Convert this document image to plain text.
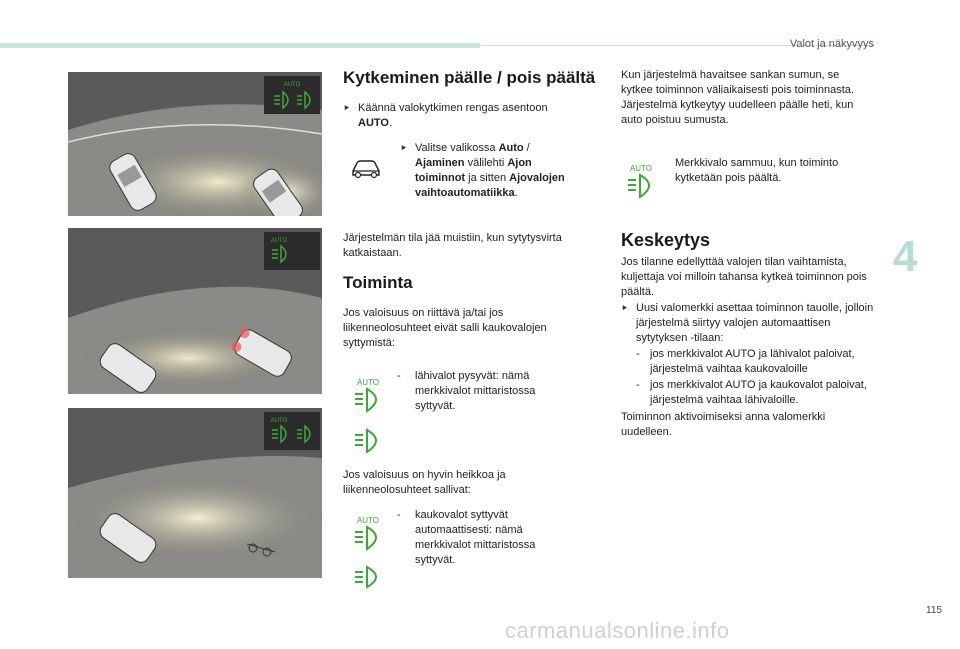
Valot ja näkyvyys
4
AUTO
AUTO
AUTO
Kytkeminen päälle / pois päältä
⯈ Käännä valokytkimen rengas asentoon
AUTO.
⯈ Valitse valikossa Auto /
Ajaminen välilehti Ajon
toiminnot ja sitten Ajovalojen
vaihtoautomatiikka.
Järjestelmän tila jää muistiin, kun sytytysvirta katkaistaan.
Toiminta
Jos valoisuus on riittävä ja/tai jos liikenneolosuhteet eivät salli kaukovalojen syttymistä:
AUTO
- lähivalot pysyvät: nämä merkkivalot mittaristossa syttyvät.
Jos valoisuus on hyvin heikkoa ja liikenneolosuhteet sallivat:
AUTO - kaukovalot syttyvät automaattisesti: nämä merkkivalot mittaristossa syttyvät.
Kun järjestelmä havaitsee sankan sumun, se kytkee toiminnon väliaikaisesti pois toiminnasta.
Järjestelmä kytkeytyy uudelleen päälle heti, kun auto poistuu sumusta.
AUTO Merkkivalo sammuu, kun toiminto kytketään pois päältä.
Keskeytys
Jos tilanne edellyttää valojen tilan vaihtamista, kuljettaja voi milloin tahansa kytkeä toiminnon pois päältä.
⯈ Uusi valomerkki asettaa toiminnon tauolle, jolloin järjestelmä siirtyy valojen automaattisen sytytyksen -tilaan:
- jos merkkivalot AUTO ja lähivalot paloivat, järjestelmä vaihtaa kaukovaloille
- jos merkkivalot AUTO ja kaukovalot paloivat, järjestelmä vaihtaa lähivaloille.
Toiminnon aktivoimiseksi anna valomerkki uudelleen.
115
carmanualsonline.info
